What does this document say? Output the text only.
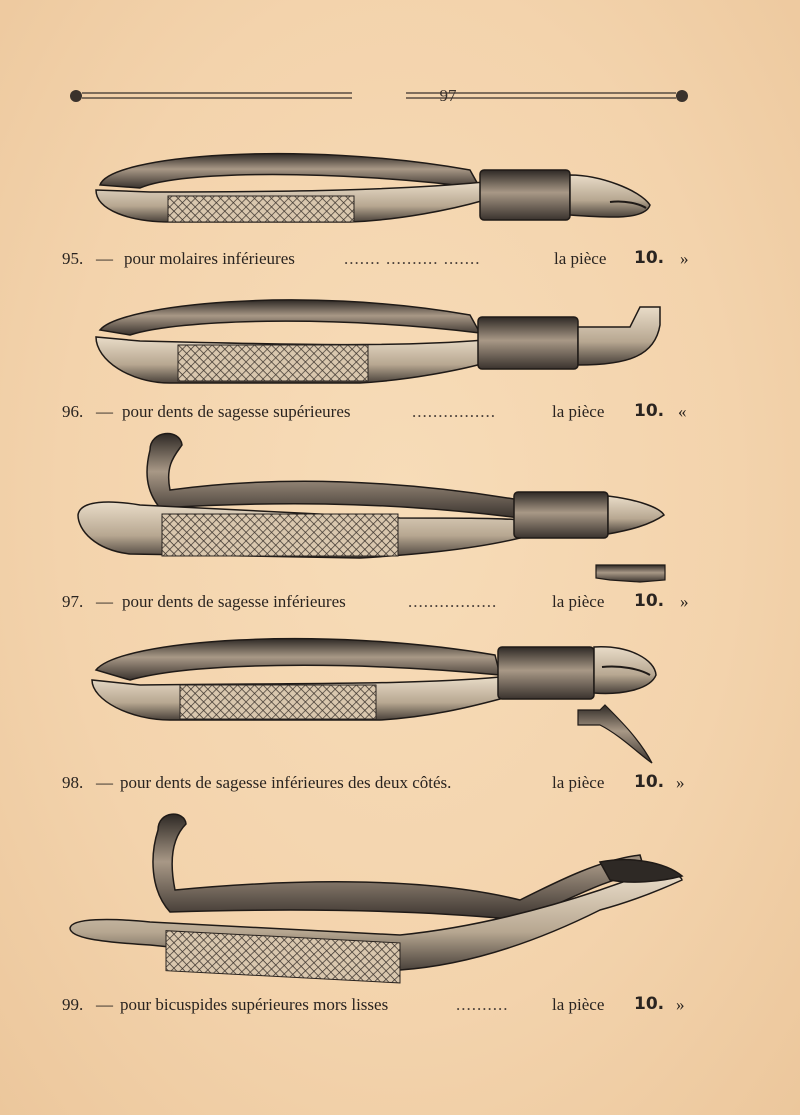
97
95. — pour molaires inférieures	....... .......... .......	la pièce 10. »
96. — pour dents de sagesse supérieures	................	la pièce 10. «
97. — pour dents de sagesse inférieures	.................	la pièce 10. »
98. — pour dents de sagesse inférieures des deux côtés.	la pièce 10. »
99. — pour bicuspides supérieures mors lisses	..........	la pièce 10. »
